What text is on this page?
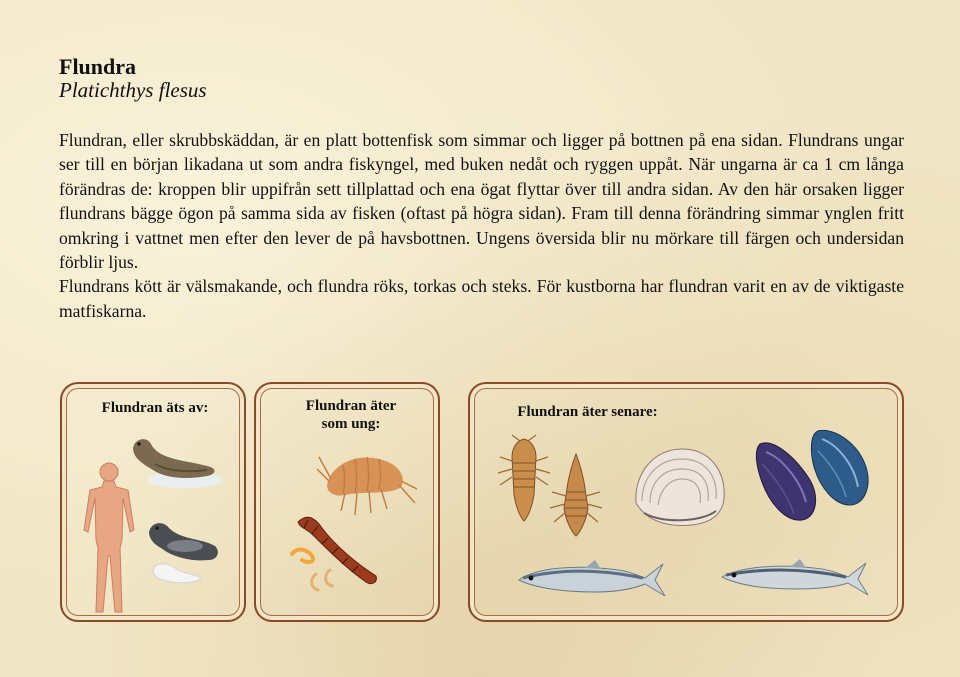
Flundra
Platichthys flesus

Flundran, eller skrubbskäddan, är en platt bottenfisk som simmar och ligger på bottnen på ena sidan. Flundrans ungar ser till en början likadana ut som andra fiskyngel, med buken nedåt och ryggen uppåt. När ungarna är ca 1 cm långa förändras de: kroppen blir uppifrån sett tillplattad och ena ögat flyttar över till andra sidan. Av den här orsaken ligger flundrans bägge ögon på samma sida av fisken (oftast på högra sidan). Fram till denna förändring simmar ynglen fritt omkring i vattnet men efter den lever de på havsbottnen. Ungens översida blir nu mörkare till färgen och undersidan förblir ljus.

Flundrans kött är välsmakande, och flundra röks, torkas och steks. För kustborna har flundran varit en av de viktigaste matfiskarna.

Flundran äts av:	Flundran äter
som ung:
Flundran äter senare:
